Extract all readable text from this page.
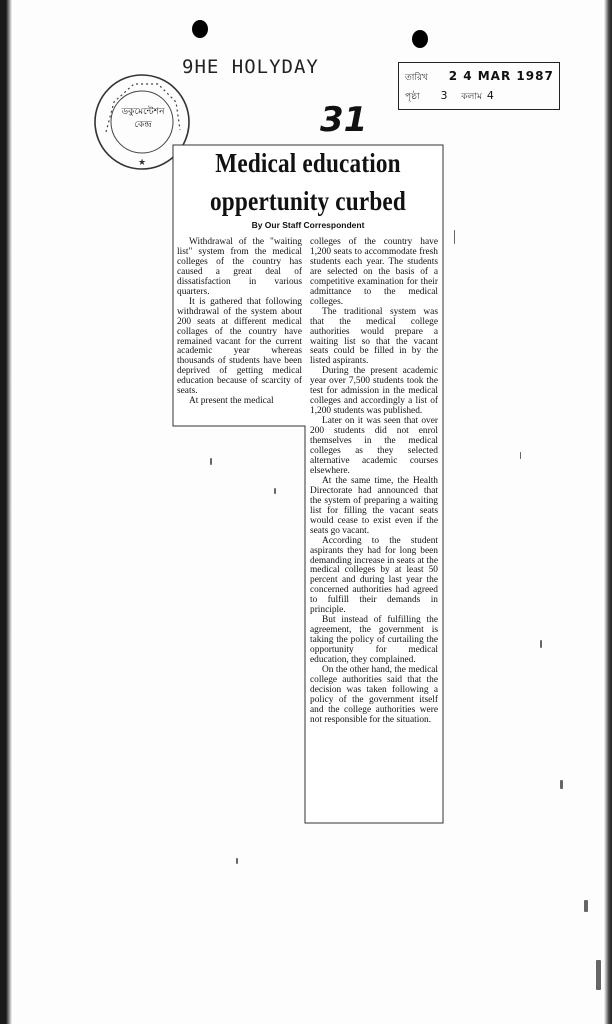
9HE HOLYDAY
31
তারিখ 2 4 MAR 1987
পৃষ্ঠা 3 কলাম 4
★
ডকুমেন্টেশন
কেন্দ্র
Medical education
oppertunity curbed
By Our Staff Correspondent

Withdrawal of the "waiting list" system from the medical colleges of the country has caused a great deal of dissatisfaction in various quarters.

It is gathered that following withdrawal of the system about 200 seats at different medical collages of the country have remained vacant for the current academic year whereas thousands of students have been deprived of getting medical education because of scarcity of seats.

At present the medical

colleges of the country have 1,200 seats to accommodate fresh students each year. The students are selected on the basis of a competitive examination for their admittance to the medical colleges.

The traditional system was that the medical college authorities would prepare a waiting list so that the vacant seats could be filled in by the listed aspirants.

During the present academic year over 7,500 students took the test for admission in the medical colleges and accordingly a list of 1,200 students was published.

Later on it was seen that over 200 students did not enrol themselves in the medical colleges as they selected alternative academic courses elsewhere.

At the same time, the Health Directorate had announced that the system of preparing a waiting list for filling the vacant seats would cease to exist even if the seats go vacant.

According to the student aspirants they had for long been demanding increase in seats at the medical colleges by at least 50 percent and during last year the concerned authorities had agreed to fulfill their demands in principle.

But instead of fulfilling the agreement, the government is taking the policy of curtailing the opportunity for medical education, they complained.

On the other hand, the medical college authorities said that the decision was taken following a policy of the government itself and the college authorities were not responsible for the situation.
